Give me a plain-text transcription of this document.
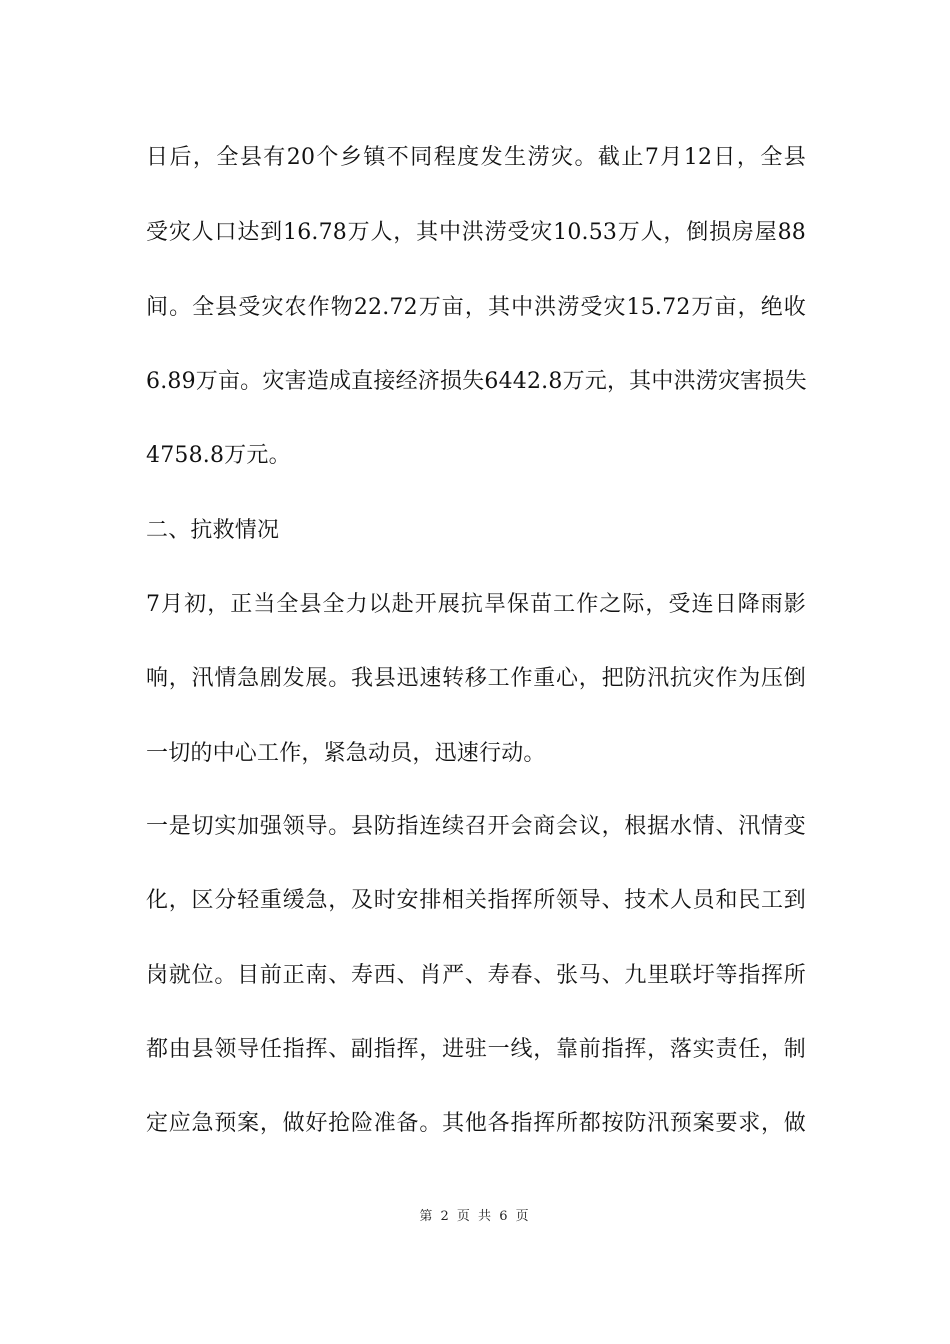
日后，全县有20个乡镇不同程度发生涝灾。截止7月12日，全县
受灾人口达到16.78万人，其中洪涝受灾10.53万人，倒损房屋88
间。全县受灾农作物22.72万亩，其中洪涝受灾15.72万亩，绝收
6.89万亩。灾害造成直接经济损失6442.8万元，其中洪涝灾害损失
4758.8万元。
二、抗救情况
7月初，正当全县全力以赴开展抗旱保苗工作之际，受连日降雨影
响，汛情急剧发展。我县迅速转移工作重心，把防汛抗灾作为压倒
一切的中心工作，紧急动员，迅速行动。
一是切实加强领导。县防指连续召开会商会议，根据水情、汛情变
化，区分轻重缓急，及时安排相关指挥所领导、技术人员和民工到
岗就位。目前正南、寿西、肖严、寿春、张马、九里联圩等指挥所
都由县领导任指挥、副指挥，进驻一线，靠前指挥，落实责任，制
定应急预案，做好抢险准备。其他各指挥所都按防汛预案要求，做
第 2 页 共 6 页
